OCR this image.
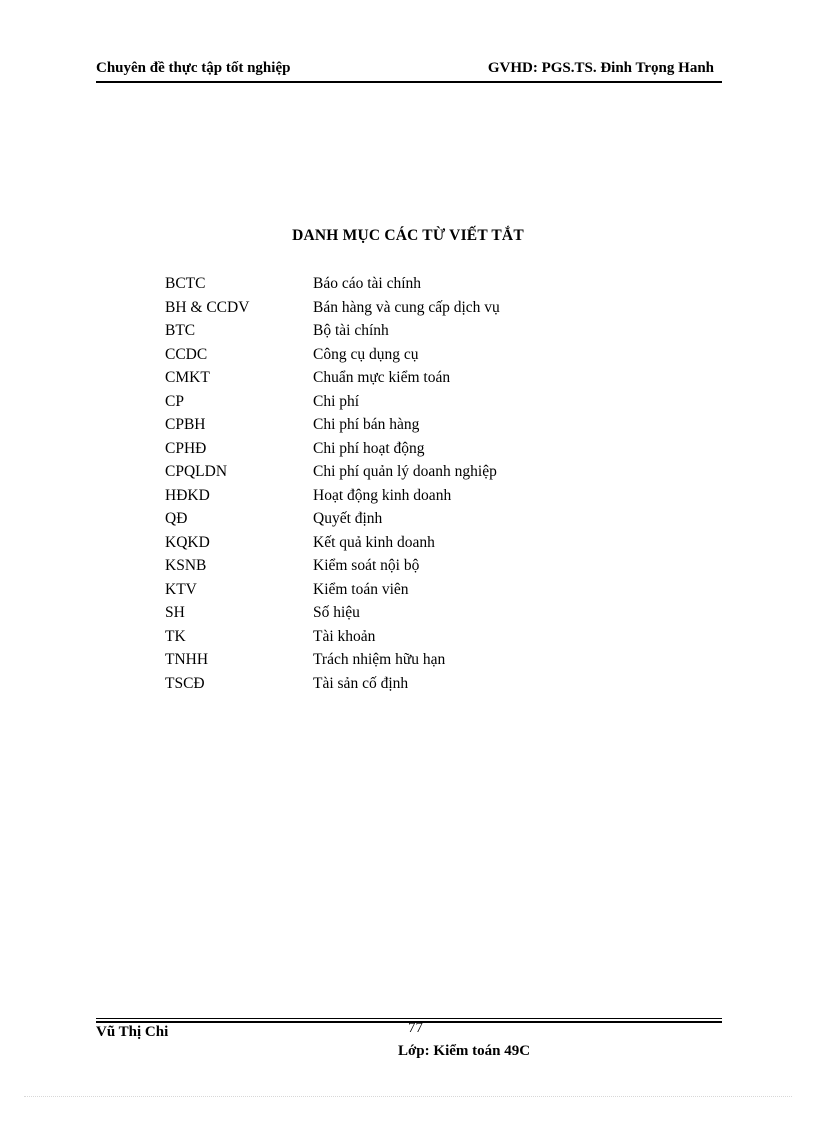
Chuyên đề thực tập tốt nghiệp	GVHD: PGS.TS. Đinh Trọng Hanh
DANH MỤC CÁC TỪ VIẾT TẮT
BCTC	Báo cáo tài chính
BH & CCDV	Bán hàng và cung cấp dịch vụ
BTC	Bộ tài chính
CCDC	Công cụ dụng cụ
CMKT	Chuẩn mực kiểm toán
CP	Chi phí
CPBH	Chi phí bán hàng
CPHĐ	Chi phí hoạt động
CPQLDN	Chi phí quản lý doanh nghiệp
HĐKD	Hoạt động kinh doanh
QĐ	Quyết định
KQKD	Kết quả kinh doanh
KSNB	Kiểm soát nội bộ
KTV	Kiểm toán viên
SH	Số hiệu
TK	Tài khoản
TNHH	Trách nhiệm hữu hạn
TSCĐ	Tài sản cố định
Vũ Thị Chi	77
Lớp: Kiểm toán 49C
